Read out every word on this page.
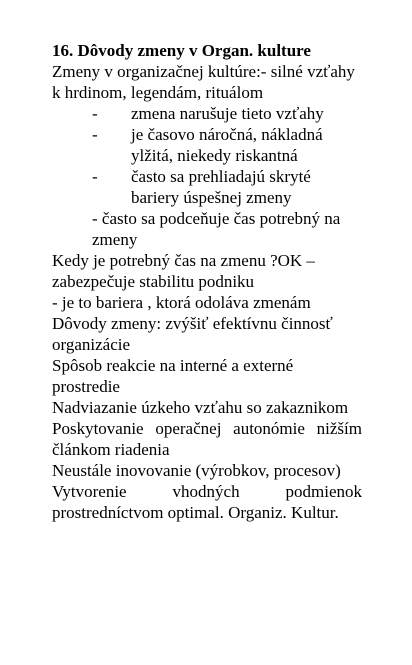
16. Dôvody zmeny v Organ. kulture

Zmeny v organizačnej kultúre:- silné vzťahy k hrdinom, legendám, rituálom

- zmena narušuje tieto vzťahy
- je časovo náročná, nákladná ylžitá, niekedy riskantná
- často sa prehliadajú skryté bariery úspešnej zmeny

- často sa podceňuje čas potrebný na zmeny

Kedy je potrebný čas na zmenu ?OK – zabezpečuje stabilitu podniku

- je to bariera , ktorá odoláva zmenám

Dôvody zmeny: zvýšiť efektívnu činnosť organizácie

Spôsob reakcie na interné a externé prostredie

Nadviazanie úzkeho vzťahu so zakaznikom

Poskytovanie operačnej autonómie nižším článkom riadenia

Neustále inovovanie (výrobkov, procesov)

Vytvorenie vhodných podmienok prostredníctvom optimal. Organiz. Kultur.
